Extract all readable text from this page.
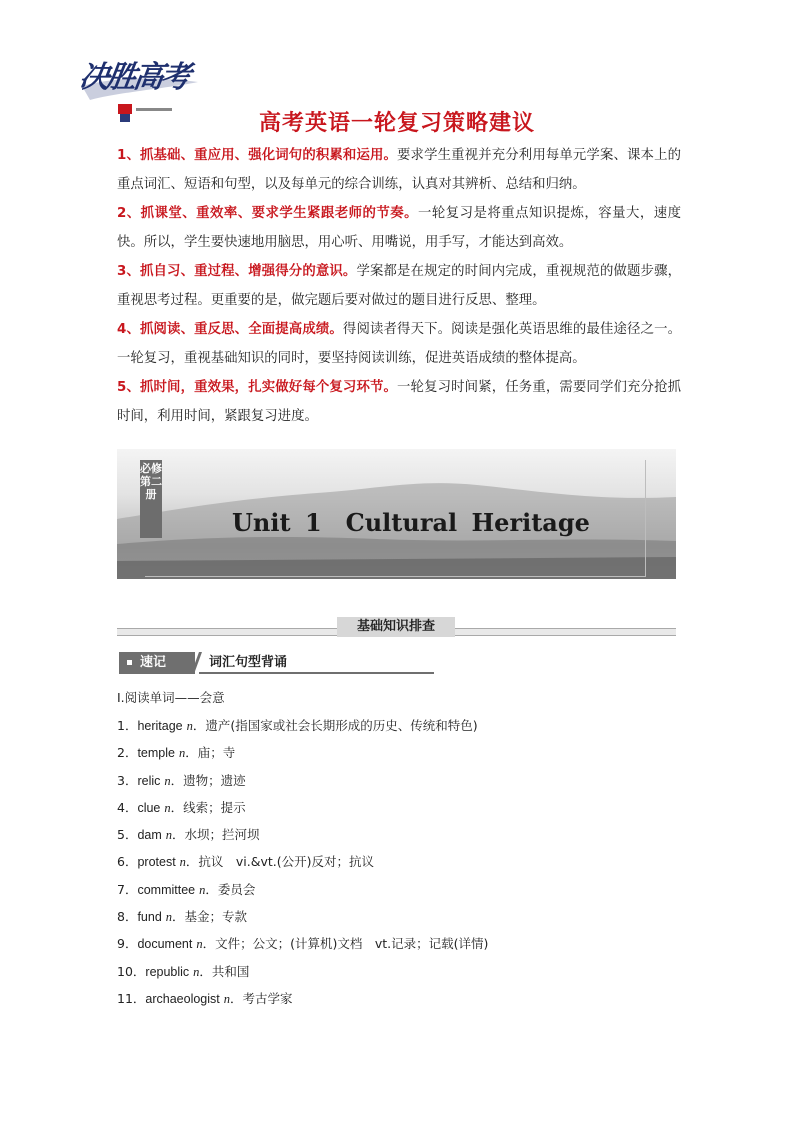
决胜高考
高考英语一轮复习策略建议
1、抓基础、重应用、强化词句的积累和运用。要求学生重视并充分利用每单元学案、课本上的重点词汇、短语和句型，以及每单元的综合训练，认真对其辨析、总结和归纳。
2、抓课堂、重效率、要求学生紧跟老师的节奏。一轮复习是将重点知识提炼，容量大，速度快。所以，学生要快速地用脑思，用心听、用嘴说，用手写，才能达到高效。
3、抓自习、重过程、增强得分的意识。学案都是在规定的时间内完成，重视规范的做题步骤，重视思考过程。更重要的是，做完题后要对做过的题目进行反思、整理。
4、抓阅读、重反思、全面提高成绩。得阅读者得天下。阅读是强化英语思维的最佳途径之一。一轮复习，重视基础知识的同时，要坚持阅读训练，促进英语成绩的整体提高。
5、抓时间，重效果，扎实做好每个复习环节。一轮复习时间紧，任务重，需要同学们充分抢抓时间，利用时间，紧跟复习进度。
必修第二册
Unit 1　Cultural Heritage
基础知识排查
速记	词汇句型背诵
Ⅰ.阅读单词——会意
1．heritage n．遗产(指国家或社会长期形成的历史、传统和特色)
2．temple n．庙；寺
3．relic n．遗物；遗迹
4．clue n．线索；提示
5．dam n．水坝；拦河坝
6．protest n．抗议　vi.&vt.(公开)反对；抗议
7．committee n．委员会
8．fund n．基金；专款
9．document n．文件；公文；(计算机)文档　vt.记录；记载(详情)
10．republic n．共和国
11．archaeologist n．考古学家
